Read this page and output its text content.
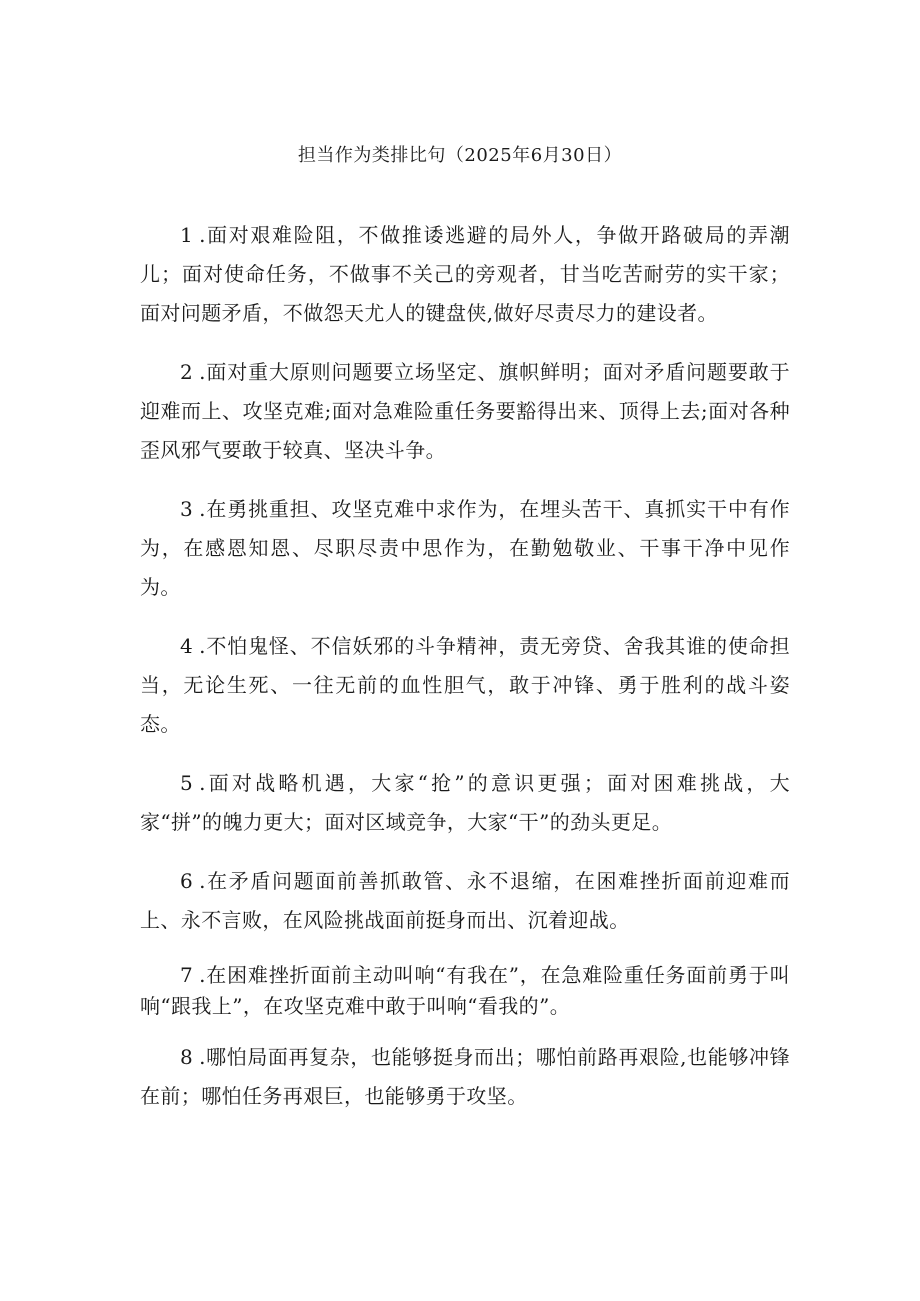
担当作为类排比句（2025年6月30日）

1 .面对艰难险阻，不做推诿逃避的局外人，争做开路破局的弄潮儿；面对使命任务，不做事不关己的旁观者，甘当吃苦耐劳的实干家；面对问题矛盾，不做怨天尤人的键盘侠,做好尽责尽力的建设者。

2 .面对重大原则问题要立场坚定、旗帜鲜明；面对矛盾问题要敢于迎难而上、攻坚克难;面对急难险重任务要豁得出来、顶得上去;面对各种歪风邪气要敢于较真、坚决斗争。

3 .在勇挑重担、攻坚克难中求作为，在埋头苦干、真抓实干中有作为，在感恩知恩、尽职尽责中思作为，在勤勉敬业、干事干净中见作为。

4 .不怕鬼怪、不信妖邪的斗争精神，责无旁贷、舍我其谁的使命担当，无论生死、一往无前的血性胆气，敢于冲锋、勇于胜利的战斗姿态。

5 .面对战略机遇，大家“抢”的意识更强；面对困难挑战，大家“拼”的魄力更大；面对区域竞争，大家“干”的劲头更足。

6 .在矛盾问题面前善抓敢管、永不退缩，在困难挫折面前迎难而上、永不言败，在风险挑战面前挺身而出、沉着迎战。

7 .在困难挫折面前主动叫响“有我在”，在急难险重任务面前勇于叫响“跟我上”，在攻坚克难中敢于叫响“看我的”。

8 .哪怕局面再复杂，也能够挺身而出；哪怕前路再艰险,也能够冲锋在前；哪怕任务再艰巨，也能够勇于攻坚。
